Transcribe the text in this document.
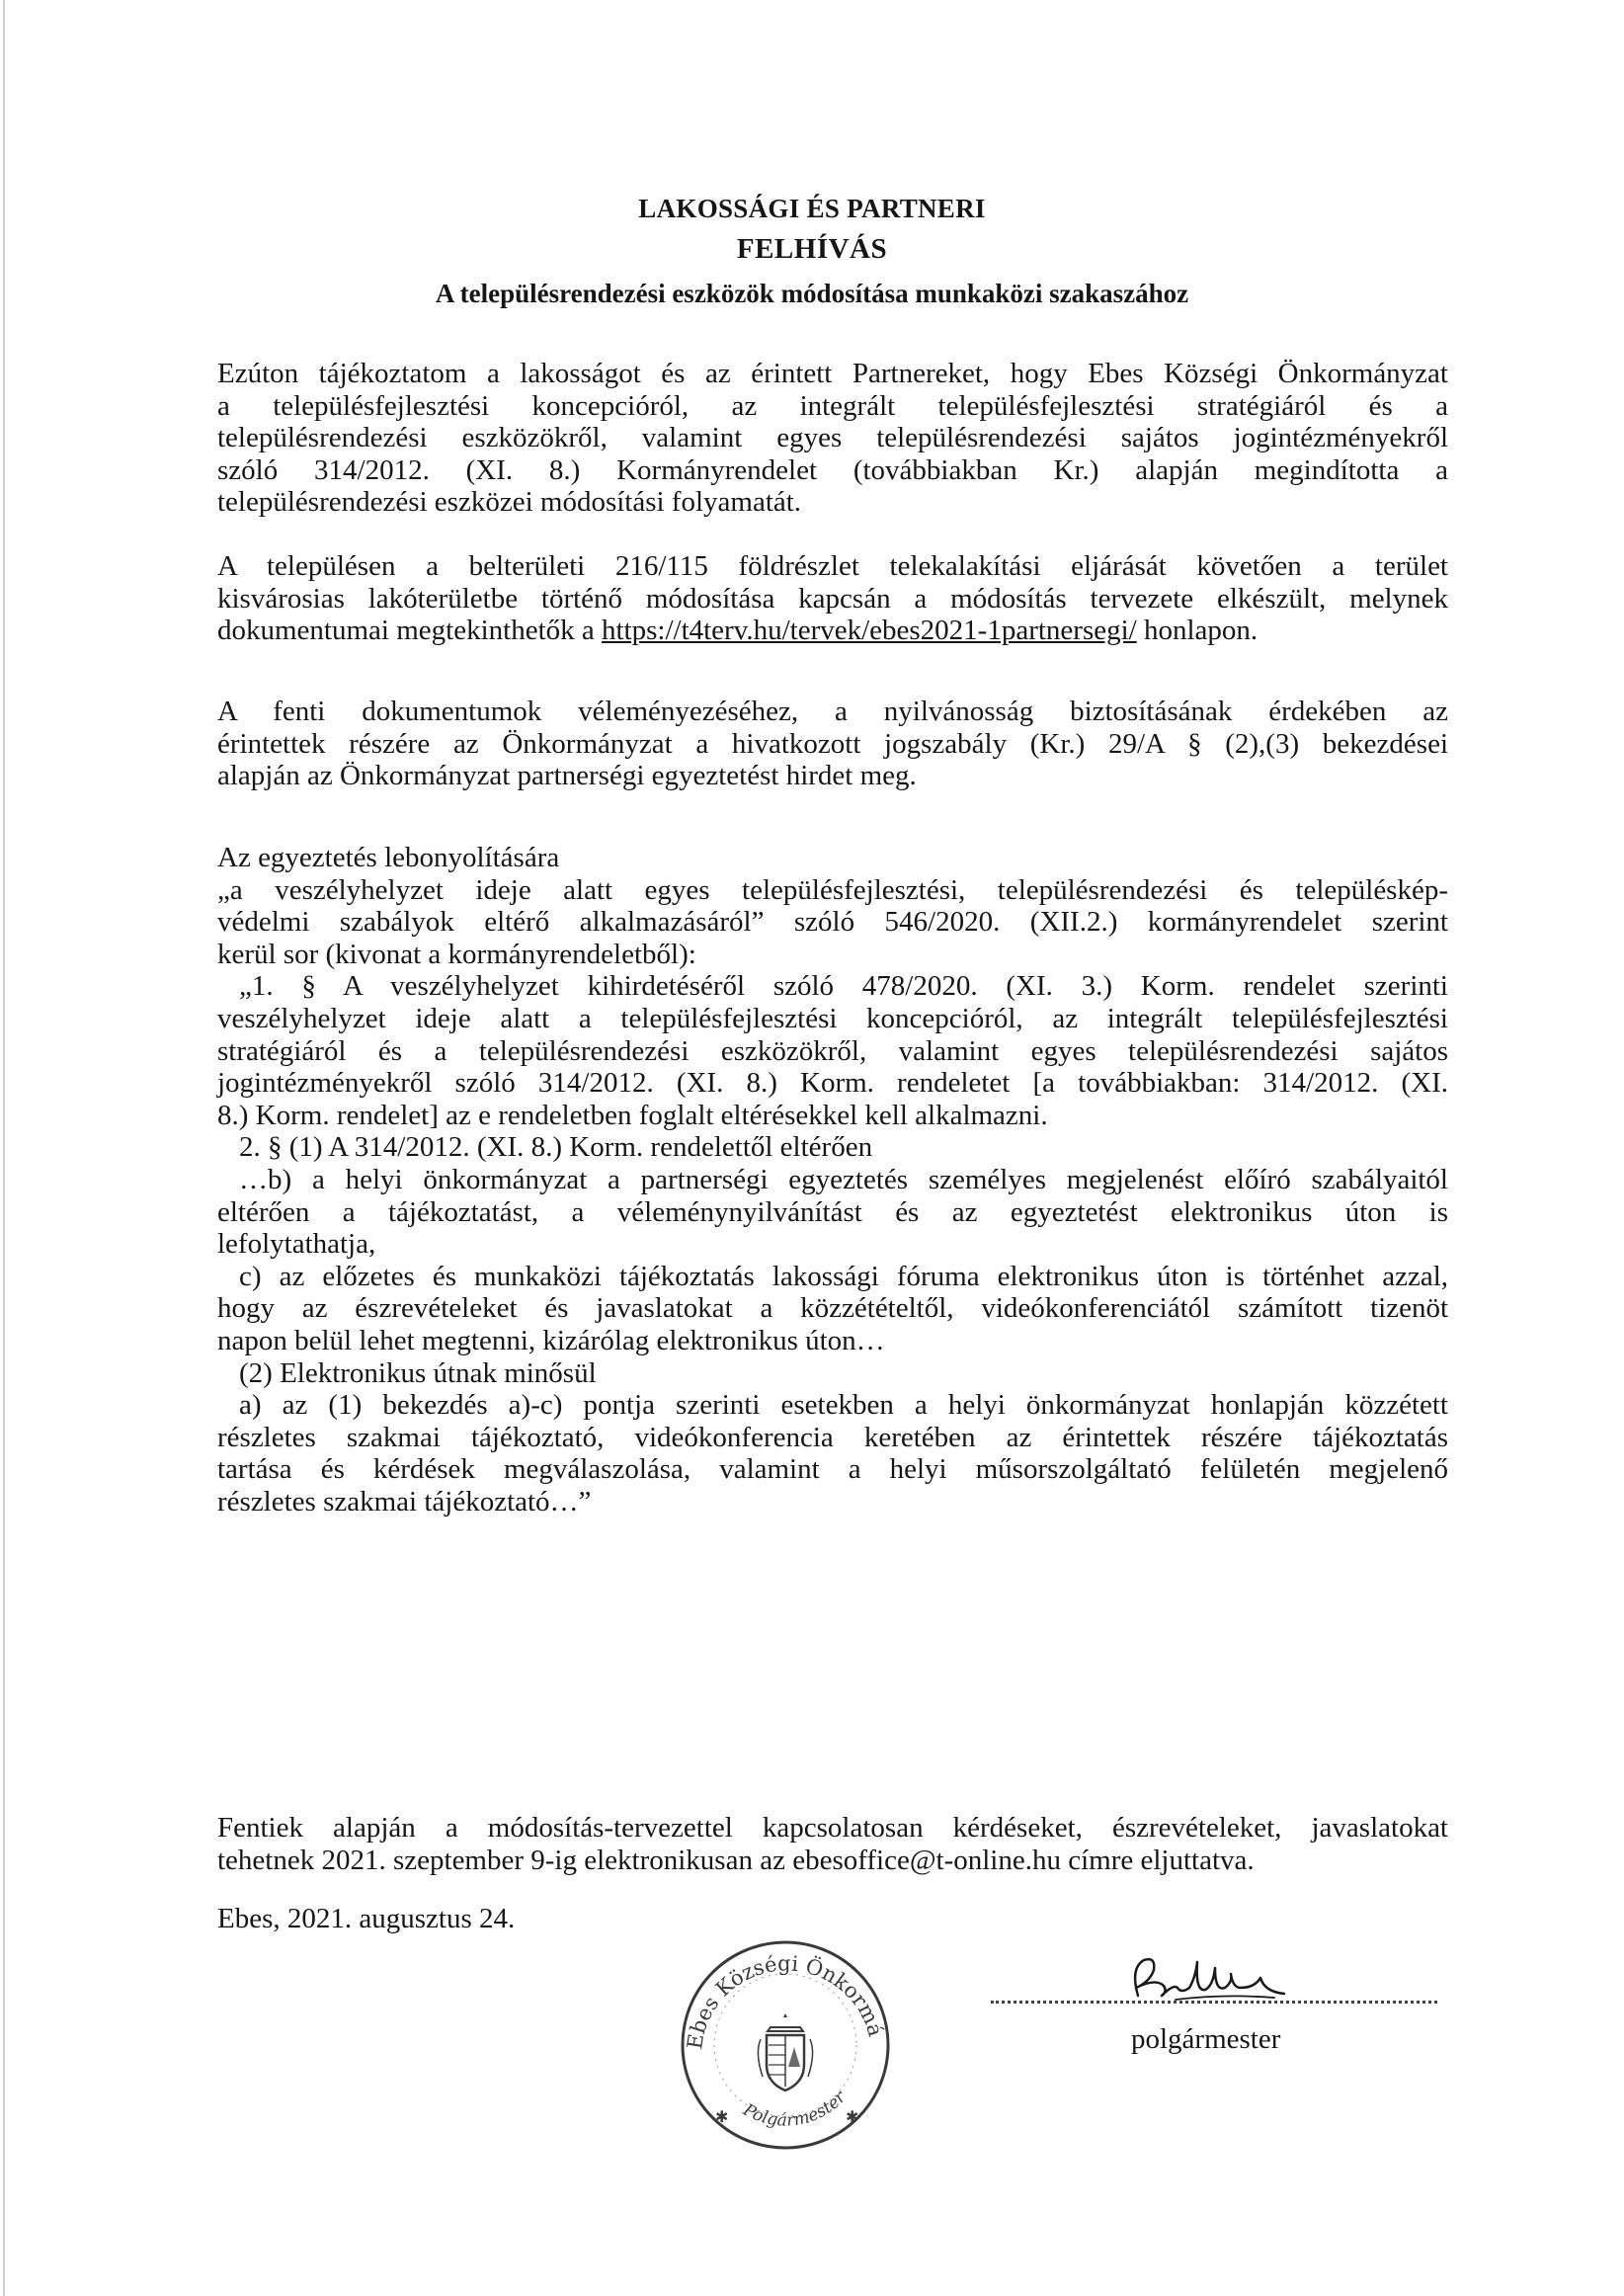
LAKOSSÁGI ÉS PARTNERI
FELHÍVÁS
A településrendezési eszközök módosítása munkaközi szakaszához
Ezúton tájékoztatom a lakosságot és az érintett Partnereket, hogy Ebes Községi Önkormányzat
a településfejlesztési koncepcióról, az integrált településfejlesztési stratégiáról és a
településrendezési eszközökről, valamint egyes településrendezési sajátos jogintézményekről
szóló 314/2012. (XI. 8.) Kormányrendelet (továbbiakban Kr.) alapján megindította a
településrendezési eszközei módosítási folyamatát.
A településen a belterületi 216/115 földrészlet telekalakítási eljárását követően a terület
kisvárosias lakóterületbe történő módosítása kapcsán a módosítás tervezete elkészült, melynek
dokumentumai megtekinthetők a https://t4terv.hu/tervek/ebes2021-1partnersegi/ honlapon.
A fenti dokumentumok véleményezéséhez, a nyilvánosság biztosításának érdekében az
érintettek részére az Önkormányzat a hivatkozott jogszabály (Kr.) 29/A § (2),(3) bekezdései
alapján az Önkormányzat partnerségi egyeztetést hirdet meg.
Az egyeztetés lebonyolítására
„a veszélyhelyzet ideje alatt egyes településfejlesztési, településrendezési és településkép-
védelmi szabályok eltérő alkalmazásáról” szóló 546/2020. (XII.2.) kormányrendelet szerint
kerül sor (kivonat a kormányrendeletből):
„1. § A veszélyhelyzet kihirdetéséről szóló 478/2020. (XI. 3.) Korm. rendelet szerinti
veszélyhelyzet ideje alatt a településfejlesztési koncepcióról, az integrált településfejlesztési
stratégiáról és a településrendezési eszközökről, valamint egyes településrendezési sajátos
jogintézményekről szóló 314/2012. (XI. 8.) Korm. rendeletet [a továbbiakban: 314/2012. (XI.
8.) Korm. rendelet] az e rendeletben foglalt eltérésekkel kell alkalmazni.
2. § (1) A 314/2012. (XI. 8.) Korm. rendelettől eltérően
…b) a helyi önkormányzat a partnerségi egyeztetés személyes megjelenést előíró szabályaitól
eltérően a tájékoztatást, a véleménynyilvánítást és az egyeztetést elektronikus úton is
lefolytathatja,
c) az előzetes és munkaközi tájékoztatás lakossági fóruma elektronikus úton is történhet azzal,
hogy az észrevételeket és javaslatokat a közzétételtől, videókonferenciától számított tizenöt
napon belül lehet megtenni, kizárólag elektronikus úton…
(2) Elektronikus útnak minősül
a) az (1) bekezdés a)-c) pontja szerinti esetekben a helyi önkormányzat honlapján közzétett
részletes szakmai tájékoztató, videókonferencia keretében az érintettek részére tájékoztatás
tartása és kérdések megválaszolása, valamint a helyi műsorszolgáltató felületén megjelenő
részletes szakmai tájékoztató…”
Fentiek alapján a módosítás-tervezettel kapcsolatosan kérdéseket, észrevételeket, javaslatokat
tehetnek 2021. szeptember 9-ig elektronikusan az ebesoffice@t-online.hu címre eljuttatva.
Ebes, 2021. augusztus 24.
Ebes Községi Önkormá
Polgármester
✱	✱
polgármester
